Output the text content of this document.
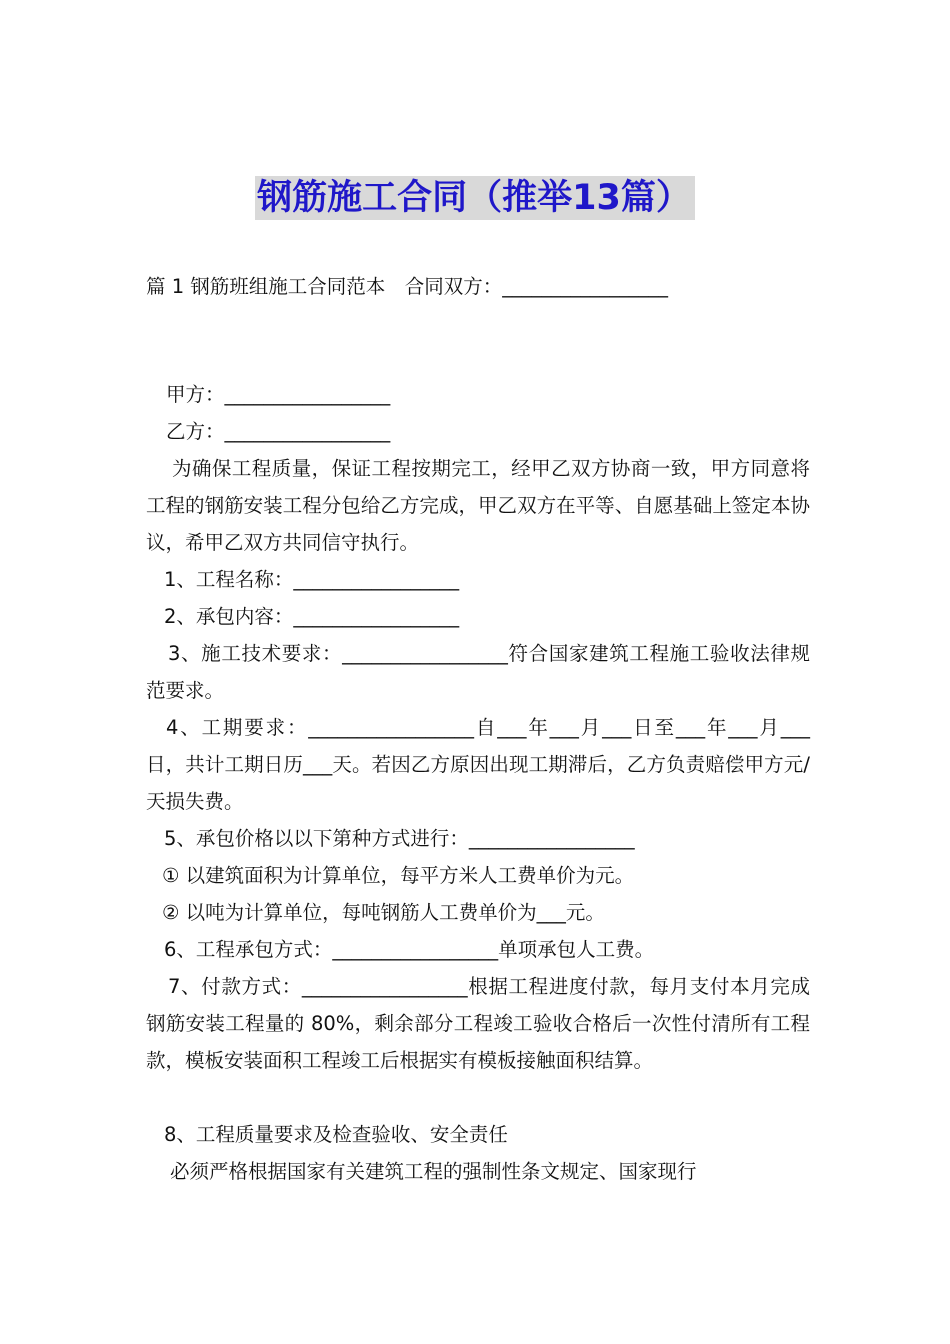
钢筋施工合同（推举13篇）
篇 1 钢筋班组施工合同范本　合同双方：_________________
甲方：_________________
乙方：_________________
为确保工程质量，保证工程按期完工，经甲乙双方协商一致，甲方同意将工程的钢筋安装工程分包给乙方完成，甲乙双方在平等、自愿基础上签定本协议，希甲乙双方共同信守执行。
1、工程名称：_________________
2、承包内容：_________________
3、施工技术要求：_________________符合国家建筑工程施工验收法律规范要求。
4、工期要求：_________________自___年___月___日至___年___月___日，共计工期日历___天。若因乙方原因出现工期滞后，乙方负责赔偿甲方元/天损失费。
5、承包价格以以下第种方式进行：_________________
① 以建筑面积为计算单位，每平方米人工费单价为元。
② 以吨为计算单位，每吨钢筋人工费单价为___元。
6、工程承包方式：_________________单项承包人工费。
7、付款方式：_________________根据工程进度付款，每月支付本月完成钢筋安装工程量的 80%，剩余部分工程竣工验收合格后一次性付清所有工程款，模板安装面积工程竣工后根据实有模板接触面积结算。
8、工程质量要求及检查验收、安全责任
必须严格根据国家有关建筑工程的强制性条文规定、国家现行
